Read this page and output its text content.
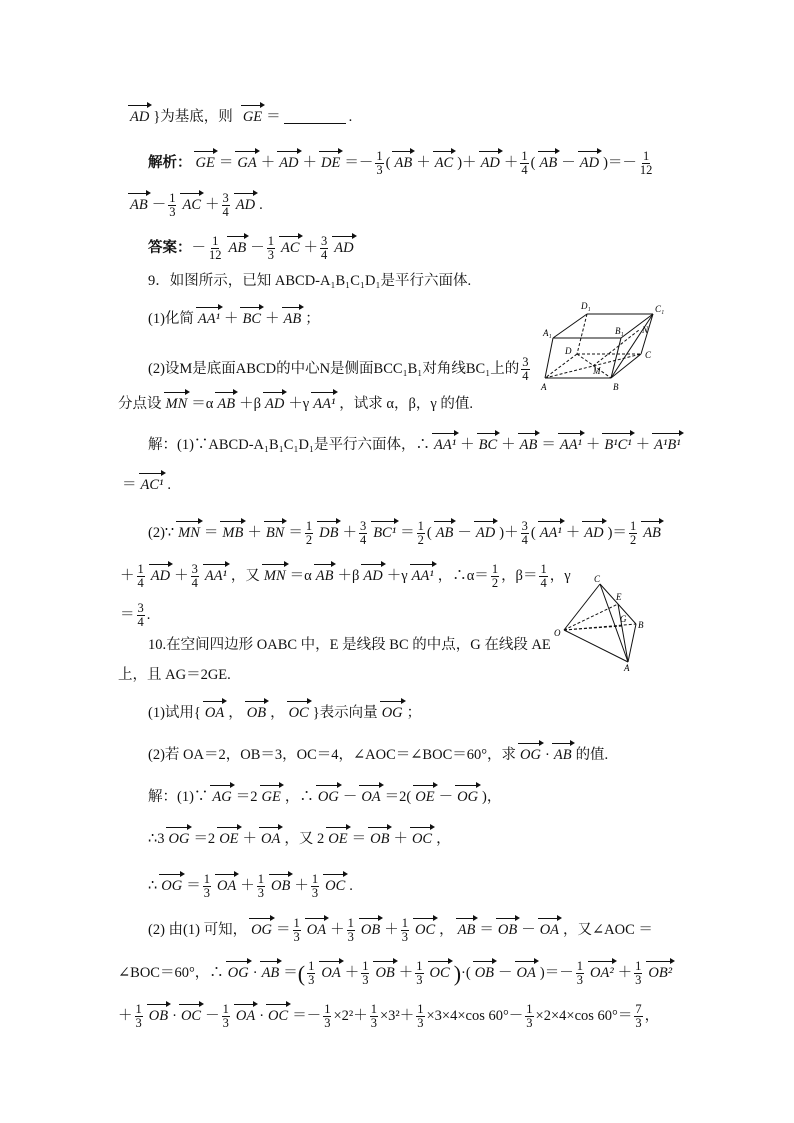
AD }为基底，则 GE ＝	.
解析： GE ＝ GA ＋ AD ＋ DE ＝－ $\frac{1}{3}$ ( AB ＋ AC )＋ AD ＋ $\frac{1}{4}$ ( AB － AD )＝－ $\frac{1}{12}$
AB － $\frac{1}{3}$ AC ＋ $\frac{3}{4}$ AD .
答案： － $\frac{1}{12}$ AB － $\frac{1}{3}$ AC ＋ $\frac{3}{4}$ AD
9．如图所示，已知 ABCD-A₁B₁C₁D₁是平行六面体.
D₁	C₁
A₁	B₁ N
D	C
A
M
B
(1)化简 AA¹ ＋ BC ＋ AB ；
(2)设M是底面ABCD的中心N是侧面BCC₁B₁对角线BC₁上的 $\frac{3}{4}$
分点设 MN ＝α AB ＋β AD ＋γ AA¹ ，试求 α，β，γ 的值.
解：(1)∵ABCD-A₁B₁C₁D₁是平行六面体，∴ AA¹ ＋ BC ＋ AB ＝ AA¹ ＋ B¹C¹ ＋ A¹B¹
＝ AC¹ .
(2)∵ MN ＝ MB ＋ BN ＝ $\frac{1}{2}$ DB ＋ $\frac{3}{4} BC^1 = \frac{1}{2}$ ( AB － AD )＋ $\frac{3}{4}$ ( AA¹ ＋ AD )＝ $\frac{1}{2}$ AB
＋ $\frac{1}{4}$ AD ＋ $\frac{3}{4} AA^1$ ，又 MN ＝α AB ＋β AD ＋γ AA¹ ，∴α＝ $\frac{1}{2}$ ，$\beta= \frac{1}{4}$ ，γ
＝ $\frac{3}{4}$ .
C
E
G
B
O
A
10.在空间四边形 OABC 中，E 是线段 BC 的中点，G 在线段 AE
上，且 AG＝2GE.
(1)试用{ OA ， OB ， OC }表示向量 OG ；
(2)若 OA＝2，OB＝3，OC＝4，∠AOC＝∠BOC＝60°，求 OG · AB 的值.
解：(1)∵ AG ＝2 GE ，∴ OG － OA ＝2( OE － OG )，
∴3 OG ＝2 OE ＋ OA ，又 2 OE ＝ OB ＋ OC ，
∴ OG ＝ $\frac{1}{3}$ OA ＋ $\frac{1}{3}$ OB ＋ $\frac{1}{3}$ OC .
(2) 由(1) 可知， OG ＝ $\frac{1}{3}$ OA ＋ $\frac{1}{3}$ OB ＋ $\frac{1}{3}$ OC ， AB ＝ OB － OA ，又∠AOC ＝
∠BOC＝60°，∴ OG · AB ＝ ( $\frac{1}{3}$ OA ＋ $\frac{1}{3}$ OB ＋ $\frac{1}{3}$ OC ) ·( OB － OA )＝－ $\frac{1}{3} OA^2 + \frac{1}{3} OB^2$
＋ $\frac{1}{3}$ OB · OC － $\frac{1}{3}$ OA · OC ＝－ $\frac{1}{3} \times 2^2+ \frac{1}{3} \times 3^2+ \frac{1}{3} \times 3\times 4\times\cos$ $60^\circ- \frac{1}{3} \times 2\times 4\times\cos$ $60^\circ= \frac{7}{3}$ ，
